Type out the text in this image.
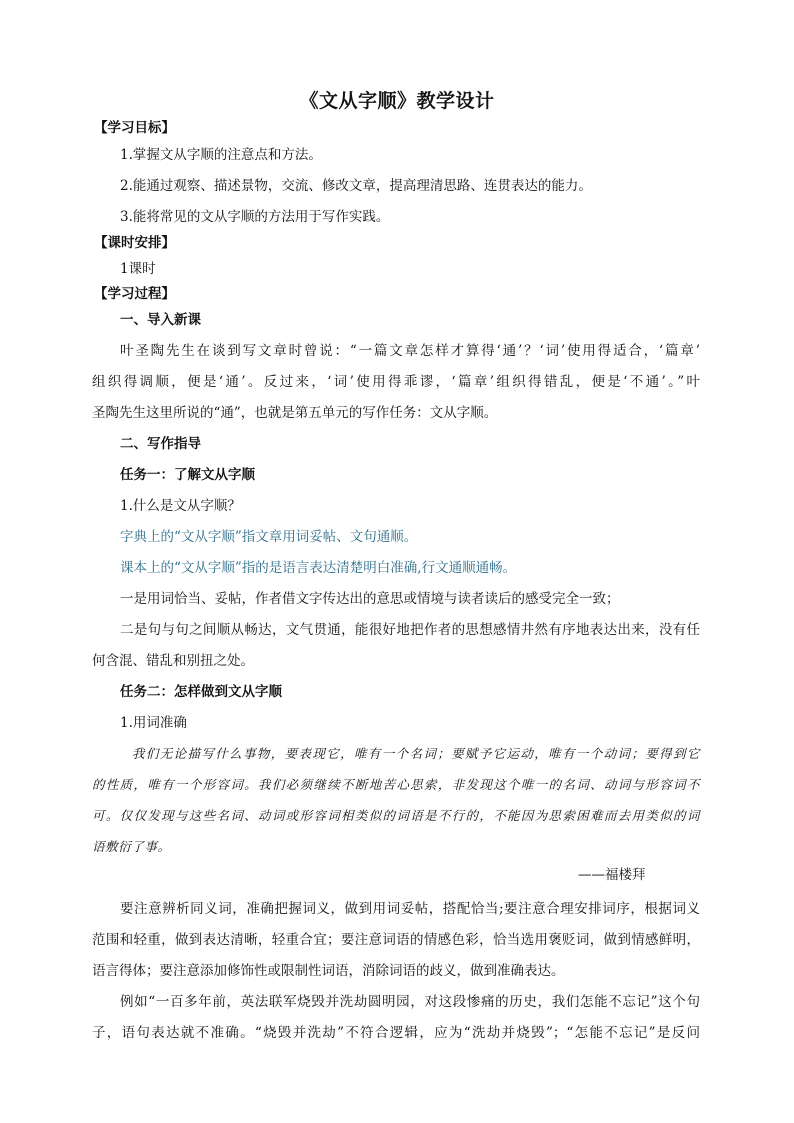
《文从字顺》教学设计
【学习目标】
1.掌握文从字顺的注意点和方法。
2.能通过观察、描述景物，交流、修改文章，提高理清思路、连贯表达的能力。
3.能将常见的文从字顺的方法用于写作实践。
【课时安排】
1课时
【学习过程】
一、导入新课
叶圣陶先生在谈到写文章时曾说：“一篇文章怎样才算得‘通’？‘词’使用得适合，‘篇章’
组织得调顺，便是‘通’。反过来，‘词’使用得乖谬，‘篇章’组织得错乱，便是‘不通’。”叶
圣陶先生这里所说的“通”，也就是第五单元的写作任务：文从字顺。
二、写作指导
任务一：了解文从字顺
1.什么是文从字顺？
字典上的“文从字顺”指文章用词妥帖、文句通顺。
课本上的“文从字顺”指的是语言表达清楚明白准确,行文通顺通畅。
一是用词恰当、妥帖，作者借文字传达出的意思或情境与读者读后的感受完全一致；
二是句与句之间顺从畅达，文气贯通，能很好地把作者的思想感情井然有序地表达出来，没有任
何含混、错乱和别扭之处。
任务二：怎样做到文从字顺
1.用词准确
我们无论描写什么事物，要表现它，唯有一个名词；要赋予它运动，唯有一个动词；要得到它
的性质，唯有一个形容词。我们必须继续不断地苦心思索，非发现这个唯一的名词、动词与形容词不
可。仅仅发现与这些名词、动词或形容词相类似的词语是不行的，不能因为思索困难而去用类似的词
语敷衍了事。
——福楼拜
要注意辨析同义词，准确把握词义，做到用词妥帖，搭配恰当;要注意合理安排词序，根据词义
范围和轻重，做到表达清晰，轻重合宜；要注意词语的情感色彩，恰当选用褒贬词，做到情感鲜明，
语言得体；要注意添加修饰性或限制性词语，消除词语的歧义，做到准确表达。
例如“一百多年前，英法联军烧毁并洗劫圆明园，对这段惨痛的历史，我们怎能不忘记”这个句
子，语句表达就不准确。“烧毁并洗劫”不符合逻辑，应为“洗劫并烧毁”；“怎能不忘记”是反问
